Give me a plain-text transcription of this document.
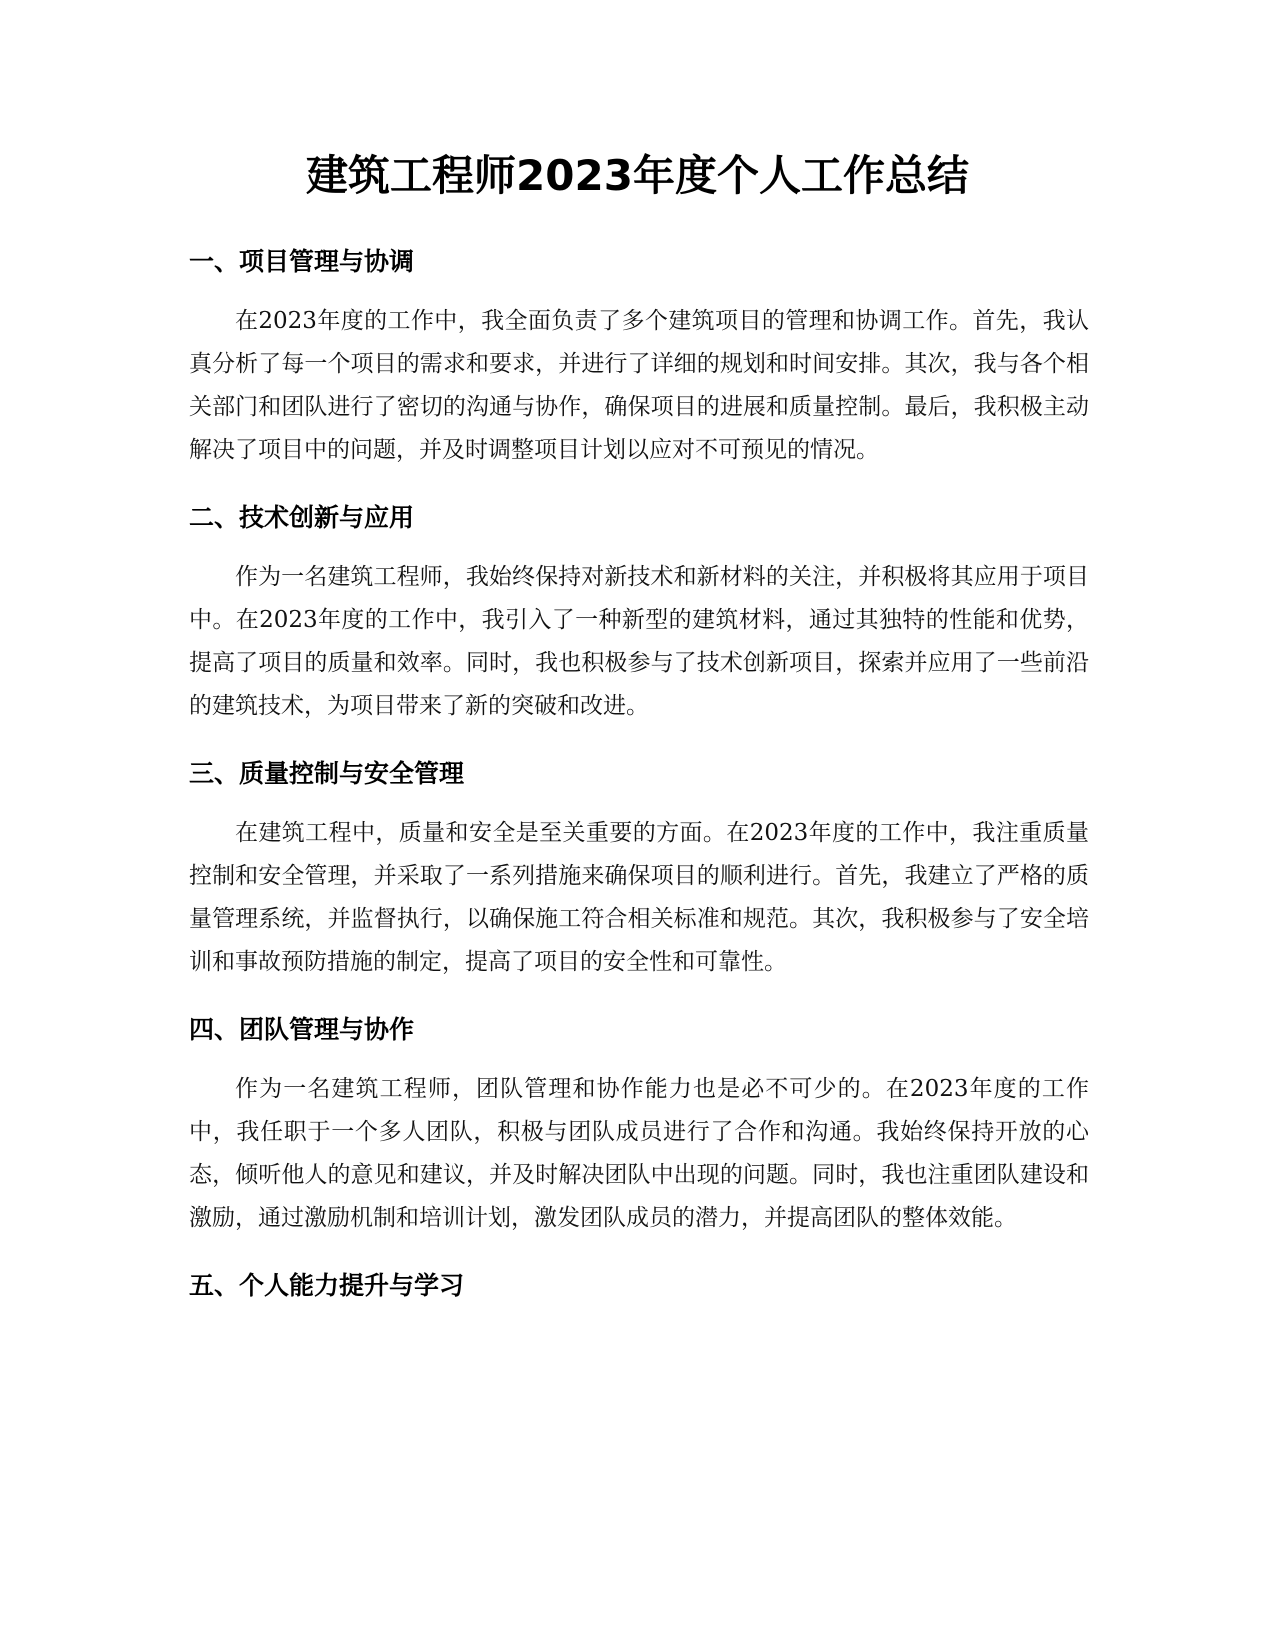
建筑工程师2023年度个人工作总结
一、项目管理与协调

在2023年度的工作中，我全面负责了多个建筑项目的管理和协调工作。首先，我认真分析了每一个项目的需求和要求，并进行了详细的规划和时间安排。其次，我与各个相关部门和团队进行了密切的沟通与协作，确保项目的进展和质量控制。最后，我积极主动解决了项目中的问题，并及时调整项目计划以应对不可预见的情况。

二、技术创新与应用

作为一名建筑工程师，我始终保持对新技术和新材料的关注，并积极将其应用于项目中。在2023年度的工作中，我引入了一种新型的建筑材料，通过其独特的性能和优势，提高了项目的质量和效率。同时，我也积极参与了技术创新项目，探索并应用了一些前沿的建筑技术，为项目带来了新的突破和改进。

三、质量控制与安全管理

在建筑工程中，质量和安全是至关重要的方面。在2023年度的工作中，我注重质量控制和安全管理，并采取了一系列措施来确保项目的顺利进行。首先，我建立了严格的质量管理系统，并监督执行，以确保施工符合相关标准和规范。其次，我积极参与了安全培训和事故预防措施的制定，提高了项目的安全性和可靠性。

四、团队管理与协作

作为一名建筑工程师，团队管理和协作能力也是必不可少的。在2023年度的工作中，我任职于一个多人团队，积极与团队成员进行了合作和沟通。我始终保持开放的心态，倾听他人的意见和建议，并及时解决团队中出现的问题。同时，我也注重团队建设和激励，通过激励机制和培训计划，激发团队成员的潜力，并提高团队的整体效能。

五、个人能力提升与学习
